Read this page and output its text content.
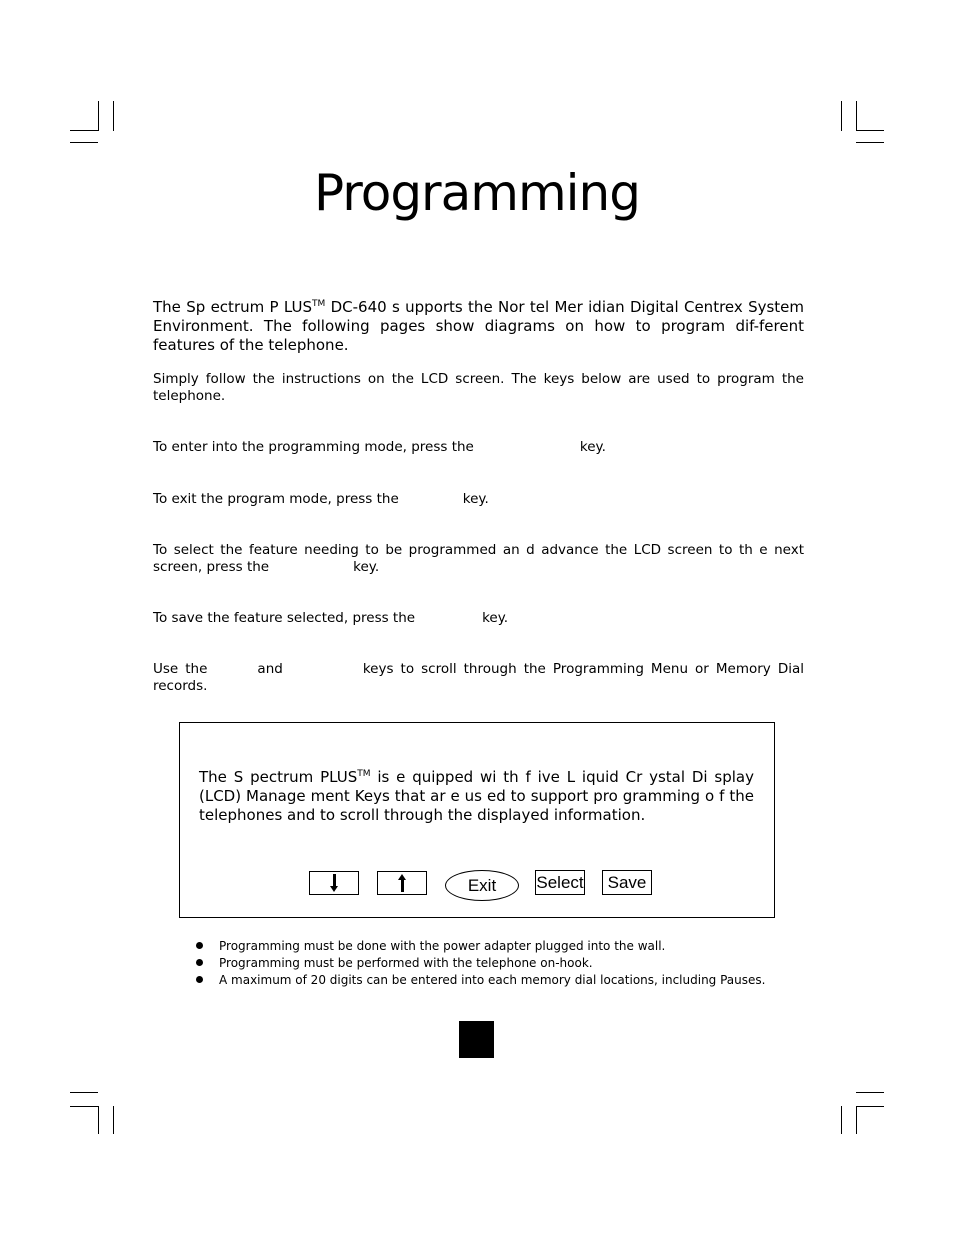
Programming
The Sp ectrum P LUS™ DC-640 s upports the Nor tel Mer idian Digital Centrex System Environment. The following pages show diagrams on how to program dif-ferent features of the telephone.
Simply follow the instructions on the LCD screen. The keys below are used to program the telephone.
To enter into the programming mode, press the	key.
To exit the program mode, press the	key.
To select the feature needing to be programmed an d advance the LCD screen to th e next screen, press the	key.
To save the feature selected, press the	key.
Use the	and	keys to scroll through the Programming Menu or Memory Dial records.
The S pectrum PLUS™ is e quipped wi th f ive L iquid Cr ystal Di splay (LCD) Manage ment Keys that ar e us ed to support pro gramming o f the telephones and to scroll through the displayed information.
Exit	Select	Save
Programming must be done with the power adapter plugged into the wall.
Programming must be performed with the telephone on-hook.
A maximum of 20 digits can be entered into each memory dial locations, including Pauses.
